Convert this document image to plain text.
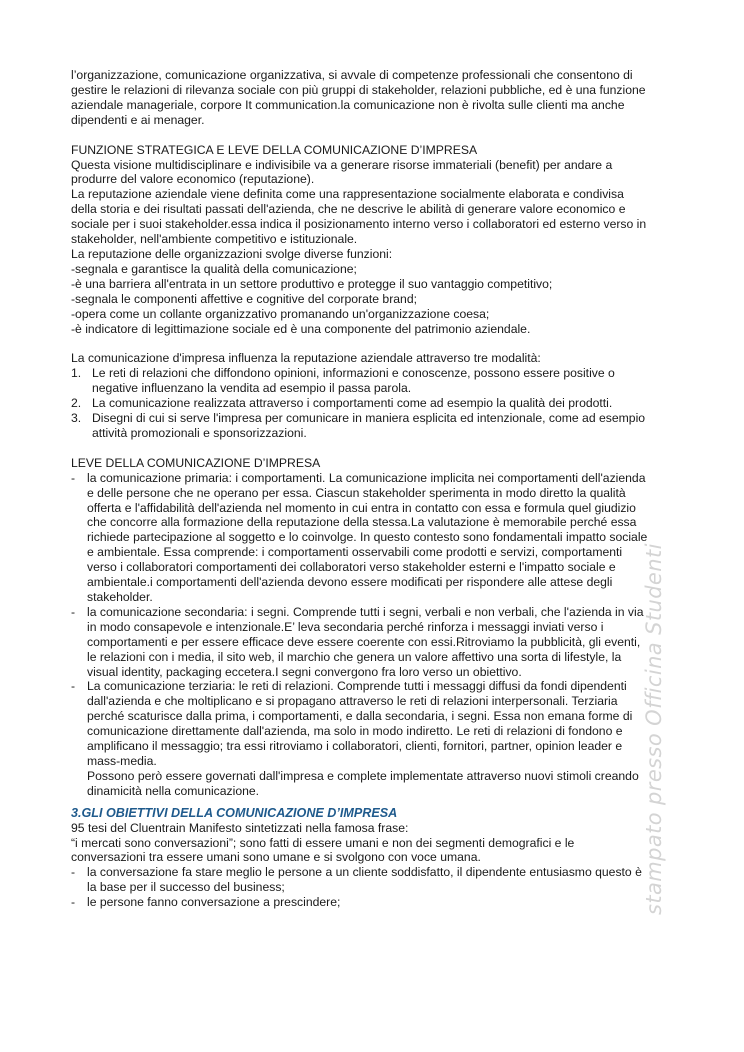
stampato presso Officina Studenti

l’organizzazione, comunicazione organizzativa, si avvale di competenze professionali che consentono di gestire le relazioni di rilevanza sociale con più gruppi di stakeholder, relazioni pubbliche, ed è una funzione aziendale manageriale, corpore It communication.la comunicazione non è rivolta sulle clienti ma anche dipendenti e ai menager.

FUNZIONE STRATEGICA E LEVE DELLA COMUNICAZIONE D’IMPRESA

Questa visione multidisciplinare e indivisibile va a generare risorse immateriali (benefit) per andare a produrre del valore economico (reputazione).

La reputazione aziendale viene definita come una rappresentazione socialmente elaborata e condivisa della storia e dei risultati passati dell'azienda, che ne descrive le abilità di generare valore economico e sociale per i suoi stakeholder.essa indica il posizionamento interno verso i collaboratori ed esterno verso in stakeholder, nell'ambiente competitivo e istituzionale.

La reputazione delle organizzazioni svolge diverse funzioni:

-segnala e garantisce la qualità della comunicazione;

-è una barriera all'entrata in un settore produttivo e protegge il suo vantaggio competitivo;

-segnala le componenti affettive e cognitive del corporate brand;

-opera come un collante organizzativo promanando un'organizzazione coesa;

-è indicatore di legittimazione sociale ed è una componente del patrimonio aziendale.

La comunicazione d'impresa influenza la reputazione aziendale attraverso tre modalità:

1. Le reti di relazioni che diffondono opinioni, informazioni e conoscenze, possono essere positive o negative influenzano la vendita ad esempio il passa parola.
2. La comunicazione realizzata attraverso i comportamenti come ad esempio la qualità dei prodotti.
3. Disegni di cui si serve l'impresa per comunicare in maniera esplicita ed intenzionale, come ad esempio attività promozionali e sponsorizzazioni.

LEVE DELLA COMUNICAZIONE D’IMPRESA

- la comunicazione primaria: i comportamenti. La comunicazione implicita nei comportamenti dell'azienda e delle persone che ne operano per essa. Ciascun stakeholder sperimenta in modo diretto la qualità offerta e l'affidabilità dell'azienda nel momento in cui entra in contatto con essa e formula quel giudizio che concorre alla formazione della reputazione della stessa.La valutazione è memorabile perché essa richiede partecipazione al soggetto e lo coinvolge. In questo contesto sono fondamentali impatto sociale e ambientale. Essa comprende: i comportamenti osservabili come prodotti e servizi, comportamenti verso i collaboratori comportamenti dei collaboratori verso stakeholder esterni e l'impatto sociale e ambientale.i comportamenti dell'azienda devono essere modificati per rispondere alle attese degli stakeholder.
- la comunicazione secondaria: i segni. Comprende tutti i segni, verbali e non verbali, che l'azienda in via in modo consapevole e intenzionale.E’ leva secondaria perché rinforza i messaggi inviati verso i comportamenti e per essere efficace deve essere coerente con essi.Ritroviamo la pubblicità, gli eventi, le relazioni con i media, il sito web, il marchio che genera un valore affettivo una sorta di lifestyle, la visual identity, packaging eccetera.I segni convergono fra loro verso un obiettivo.
- La comunicazione terziaria: le reti di relazioni. Comprende tutti i messaggi diffusi da fondi dipendenti dall'azienda e che moltiplicano e si propagano attraverso le reti di relazioni interpersonali. Terziaria perché scaturisce dalla prima, i comportamenti, e dalla secondaria, i segni. Essa non emana forme di comunicazione direttamente dall'azienda, ma solo in modo indiretto. Le reti di relazioni di fondono e amplificano il messaggio; tra essi ritroviamo i collaboratori, clienti, fornitori, partner, opinion leader e mass-media.

Possono però essere governati dall'impresa e complete implementate attraverso nuovi stimoli creando dinamicità nella comunicazione.

3.GLI OBIETTIVI DELLA COMUNICAZIONE D’IMPRESA

95 tesi del Cluentrain Manifesto sintetizzati nella famosa frase:

“i mercati sono conversazioni”; sono fatti di essere umani e non dei segmenti demografici e le conversazioni tra essere umani sono umane e si svolgono con voce umana.

- la conversazione fa stare meglio le persone a un cliente soddisfatto, il dipendente entusiasmo questo è la base per il successo del business;
- le persone fanno conversazione a prescindere;
